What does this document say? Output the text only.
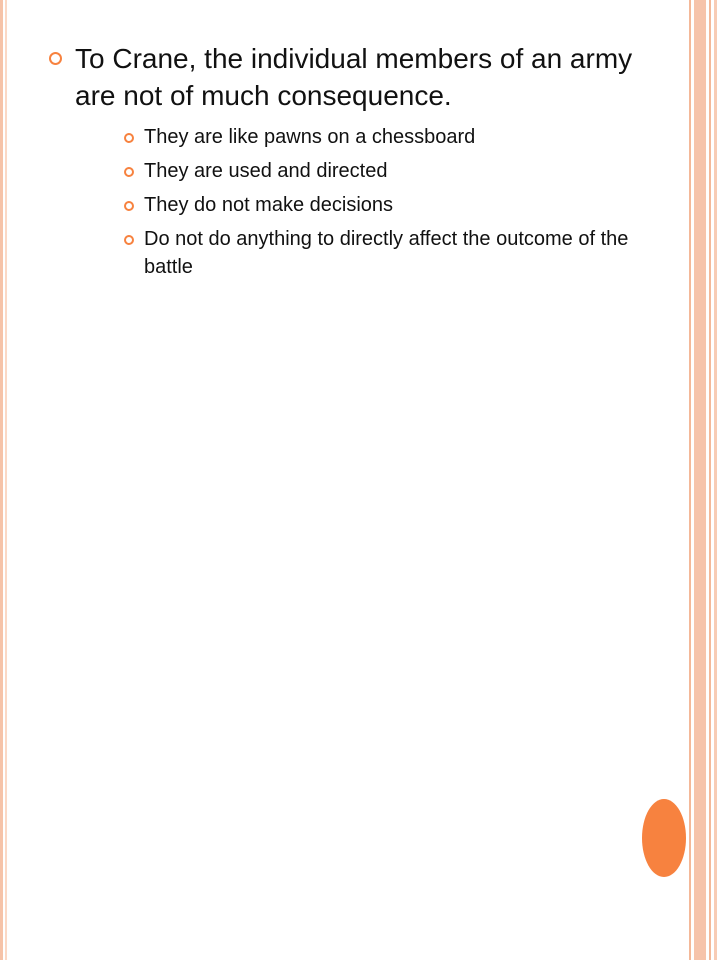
To Crane, the individual members of an army are not of much consequence.
They are like pawns on a chessboard
They are used and directed
They do not make decisions
Do not do anything to directly affect the outcome of the battle
